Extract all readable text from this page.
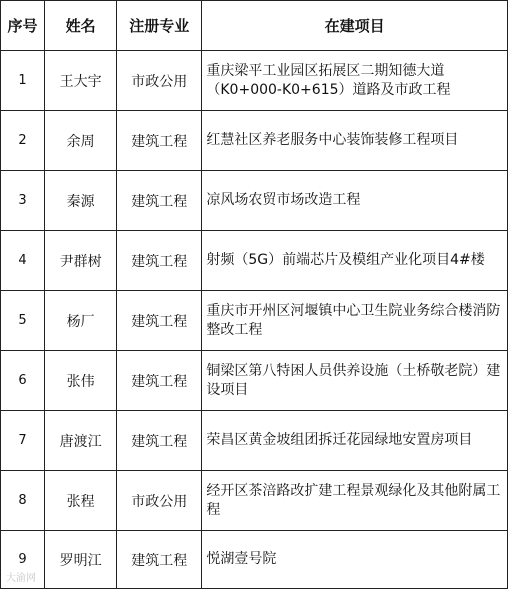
序号	姓名	注册专业	在建项目
1	王大宇	市政公用	重庆梁平工业园区拓展区二期知德大道（K0+000-K0+615）道路及市政工程
2	余周	建筑工程	红慧社区养老服务中心装饰装修工程项目
3	秦源	建筑工程	凉风场农贸市场改造工程
4	尹群树	建筑工程	射频（5G）前端芯片及模组产业化项目4#楼
5	杨厂	建筑工程	重庆市开州区河堰镇中心卫生院业务综合楼消防整改工程
6	张伟	建筑工程	铜梁区第八特困人员供养设施（土桥敬老院）建设项目
7	唐渡江	建筑工程	荣昌区黄金坡组团拆迁花园绿地安置房项目
8	张程	市政公用	经开区茶涪路改扩建工程景观绿化及其他附属工程
9	罗明江	建筑工程	悦湖壹号院
大渝网
